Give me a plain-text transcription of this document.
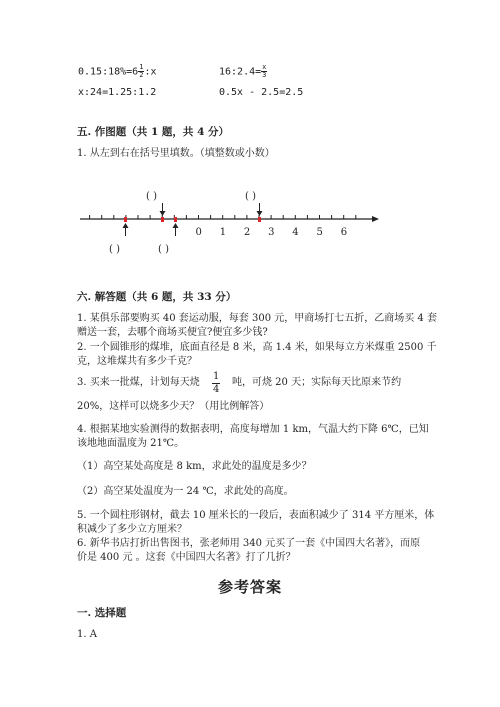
0.15:18%=6 $\frac{1}{2}$ :x	16:2.4= $\frac{x}{3}$
x:24=1.25:1.2	0.5x - 2.5=2.5
五. 作图题（共 1 题，共 4 分）
1. 从左到右在括号里填数。（填整数或小数）
0 1 2 3 4 5 6
( )	( )
( )	( )
六. 解答题（共 6 题，共 33 分）
1. 某俱乐部要购买 40 套运动服，每套 300 元，甲商场打七五折，乙商场买 4 套
赠送一套，去哪个商场买便宜?便宜多少钱?
2. 一个圆锥形的煤堆，底面直径是 8 米，高 1.4 米，如果每立方米煤重 2500 千
克，这堆煤共有多少千克？
3. 买来一批煤，计划每天烧 $\frac{1}{4}$ 吨，可烧 20 天；实际每天比原来节约
20%，这样可以烧多少天？（用比例解答）
4. 根据某地实验测得的数据表明，高度每增加 1 km，气温大约下降 6℃，已知
该地地面温度为 21℃。
（1）高空某处高度是 8 km，求此处的温度是多少？
（2）高空某处温度为一 24 ℃，求此处的高度。
5. 一个圆柱形钢材，截去 10 厘米长的一段后，表面积减少了 314 平方厘米，体
积减少了多少立方厘米？
6. 新华书店打折出售图书，张老师用 340 元买了一套《中国四大名著》，而原
价是 400 元 。这套《中国四大名著》打了几折？
参考答案
一. 选择题
1. A
